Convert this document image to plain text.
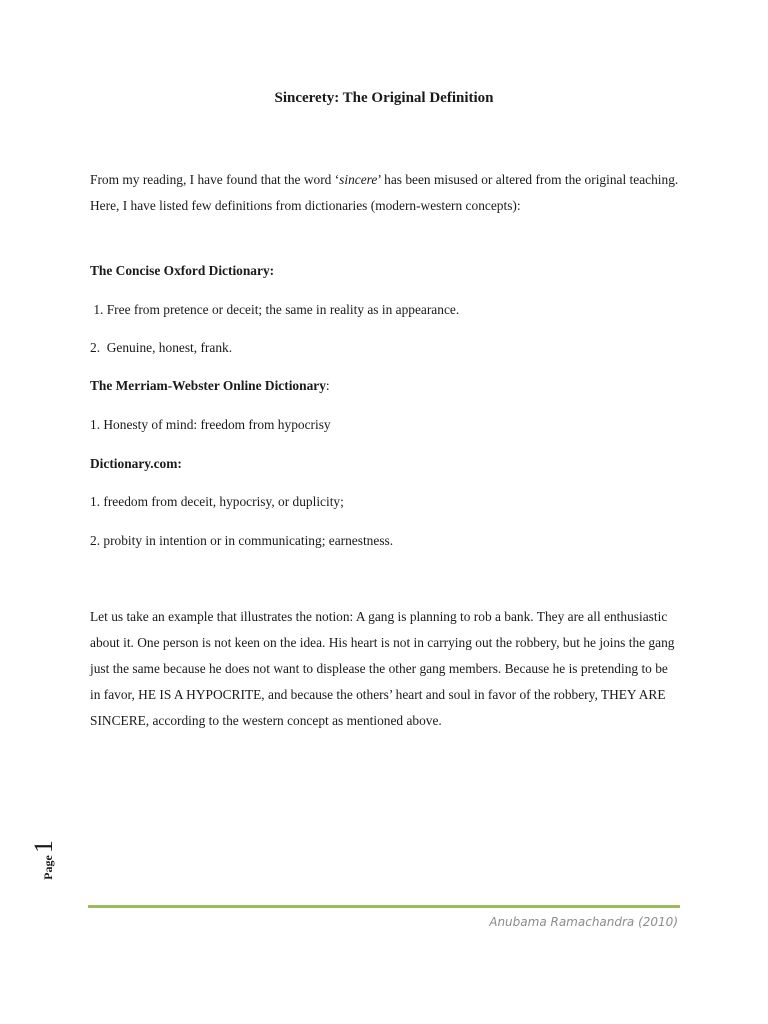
Sincerety: The Original Definition

From my reading, I have found that the word ‘sincere’ has been misused or altered from the original teaching. Here, I have listed few definitions from dictionaries (modern-western concepts):

The Concise Oxford Dictionary:

1. Free from pretence or deceit; the same in reality as in appearance.

2.  Genuine, honest, frank.

The Merriam-Webster Online Dictionary:

1. Honesty of mind: freedom from hypocrisy

Dictionary.com:

1. freedom from deceit, hypocrisy, or duplicity;

2. probity in intention or in communicating; earnestness.

Let us take an example that illustrates the notion: A gang is planning to rob a bank. They are all enthusiastic about it. One person is not keen on the idea. His heart is not in carrying out the robbery, but he joins the gang just the same because he does not want to displease the other gang members. Because he is pretending to be in favor, HE IS A HYPOCRITE, and because the others’ heart and soul in favor of the robbery, THEY ARE SINCERE, according to the western concept as mentioned above.

Page
1

Anubama Ramachandra (2010)
